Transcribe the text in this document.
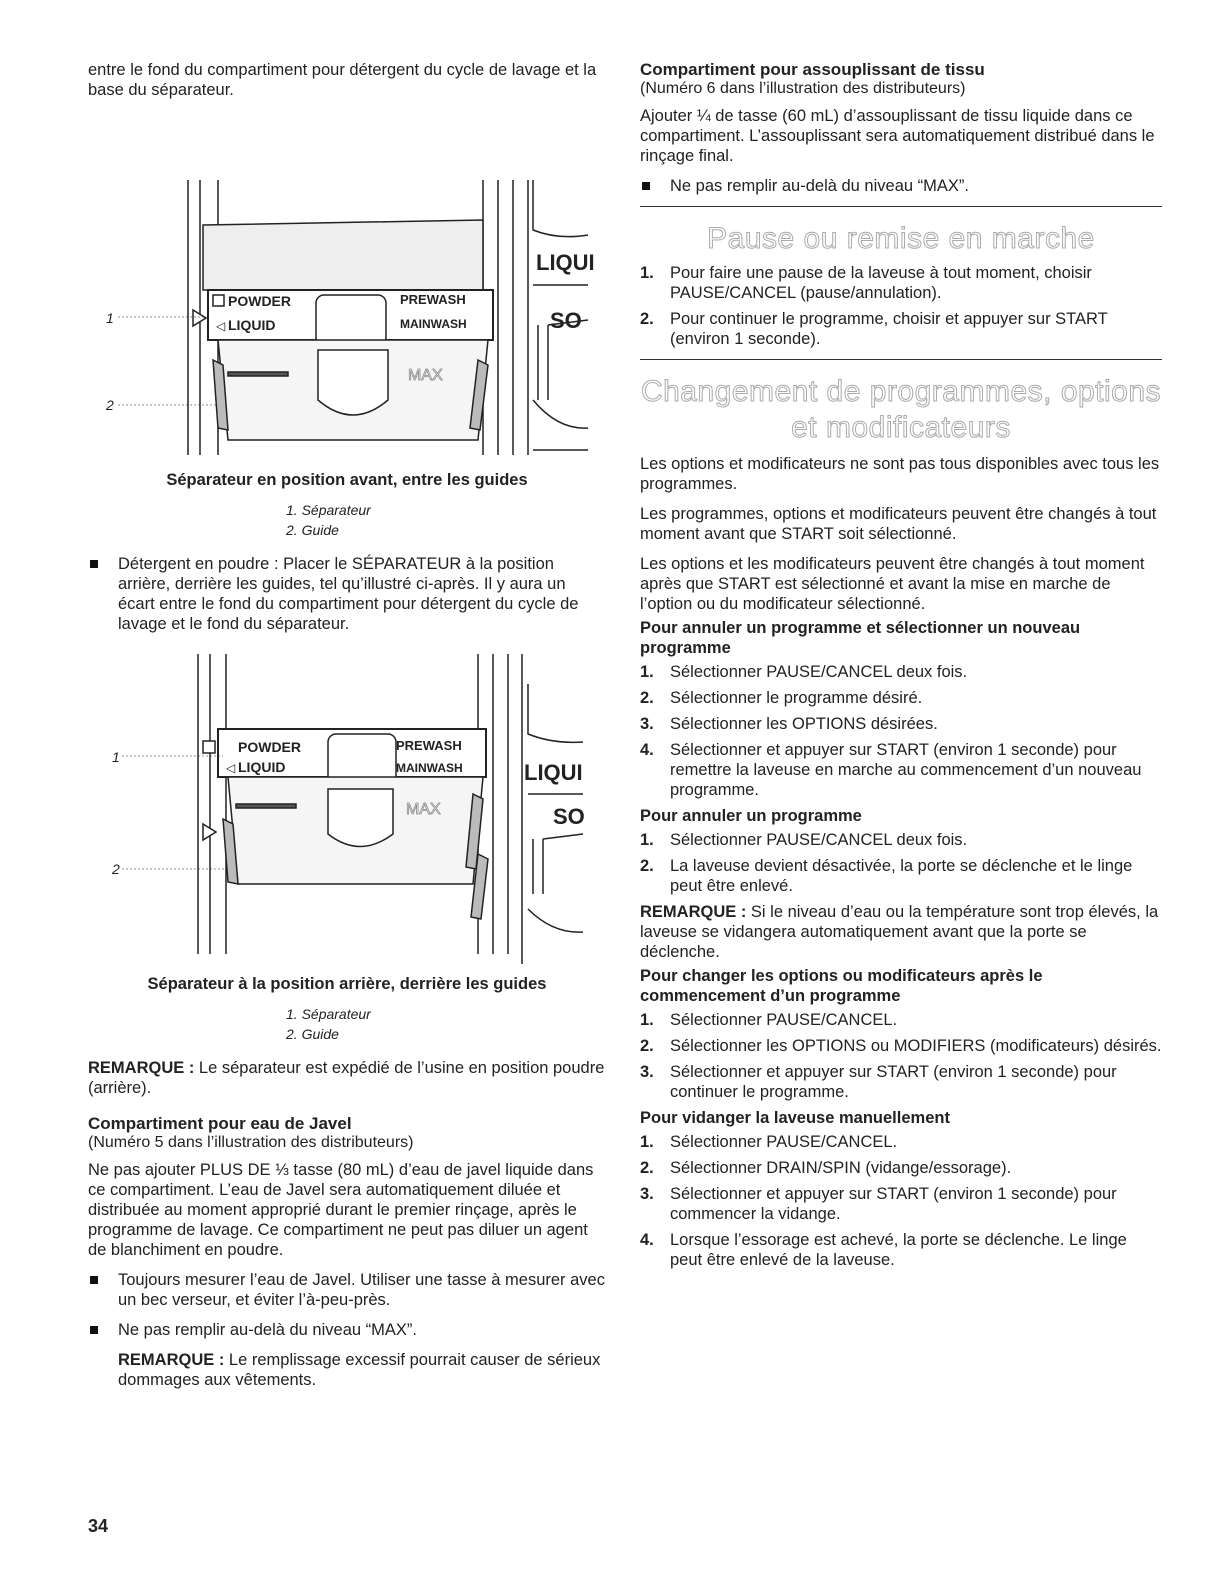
entre le fond du compartiment pour détergent du cycle de lavage et la base du séparateur.

POWDER
LIQUID
◁
PREWASH
MAINWASH
MAX
LIQUI
SO
1
2
Séparateur en position avant, entre les guides
1. Séparateur
2. Guide
Détergent en poudre : Placer le SÉPARATEUR à la position arrière, derrière les guides, tel qu’illustré ci-après. Il y aura un écart entre le fond du compartiment pour détergent du cycle de lavage et le fond du séparateur.
POWDER
LIQUID
◁
PREWASH
MAINWASH
MAX
LIQUI
SO
1
2
Séparateur à la position arrière, derrière les guides
1. Séparateur
2. Guide

REMARQUE : Le séparateur est expédié de l’usine en position poudre (arrière).

Compartiment pour eau de Javel
(Numéro 5 dans l’illustration des distributeurs)

Ne pas ajouter PLUS DE ⅓ tasse (80 mL) d’eau de javel liquide dans ce compartiment. L’eau de Javel sera automatiquement diluée et distribuée au moment approprié durant le premier rinçage, après le programme de lavage. Ce compartiment ne peut pas diluer un agent de blanchiment en poudre.

Toujours mesurer l’eau de Javel. Utiliser une tasse à mesurer avec un bec verseur, et éviter l’à-peu-près.
Ne pas remplir au-delà du niveau “MAX”.

REMARQUE : Le remplissage excessif pourrait causer de sérieux dommages aux vêtements.

Compartiment pour assouplissant de tissu
(Numéro 6 dans l’illustration des distributeurs)

Ajouter ¼ de tasse (60 mL) d’assouplissant de tissu liquide dans ce compartiment. L’assouplissant sera automatiquement distribué dans le rinçage final.

Ne pas remplir au-delà du niveau “MAX”.
Pause ou remise en marche
1. Pour faire une pause de la laveuse à tout moment, choisir PAUSE/CANCEL (pause/annulation).
2. Pour continuer le programme, choisir et appuyer sur START (environ 1 seconde).
Changement de programmes, options
et modificateurs

Les options et modificateurs ne sont pas tous disponibles avec tous les programmes.

Les programmes, options et modificateurs peuvent être changés à tout moment avant que START soit sélectionné.

Les options et les modificateurs peuvent être changés à tout moment après que START est sélectionné et avant la mise en marche de l’option ou du modificateur sélectionné.

Pour annuler un programme et sélectionner un nouveau programme
1. Sélectionner PAUSE/CANCEL deux fois.
2. Sélectionner le programme désiré.
3. Sélectionner les OPTIONS désirées.
4. Sélectionner et appuyer sur START (environ 1 seconde) pour remettre la laveuse en marche au commencement d’un nouveau programme.
Pour annuler un programme
1. Sélectionner PAUSE/CANCEL deux fois.
2. La laveuse devient désactivée, la porte se déclenche et le linge peut être enlevé.

REMARQUE : Si le niveau d’eau ou la température sont trop élevés, la laveuse se vidangera automatiquement avant que la porte se déclenche.

Pour changer les options ou modificateurs après le commencement d’un programme
1. Sélectionner PAUSE/CANCEL.
2. Sélectionner les OPTIONS ou MODIFIERS (modificateurs) désirés.
3. Sélectionner et appuyer sur START (environ 1 seconde) pour continuer le programme.
Pour vidanger la laveuse manuellement
1. Sélectionner PAUSE/CANCEL.
2. Sélectionner DRAIN/SPIN (vidange/essorage).
3. Sélectionner et appuyer sur START (environ 1 seconde) pour commencer la vidange.
4. Lorsque l’essorage est achevé, la porte se déclenche. Le linge peut être enlevé de la laveuse.
34
